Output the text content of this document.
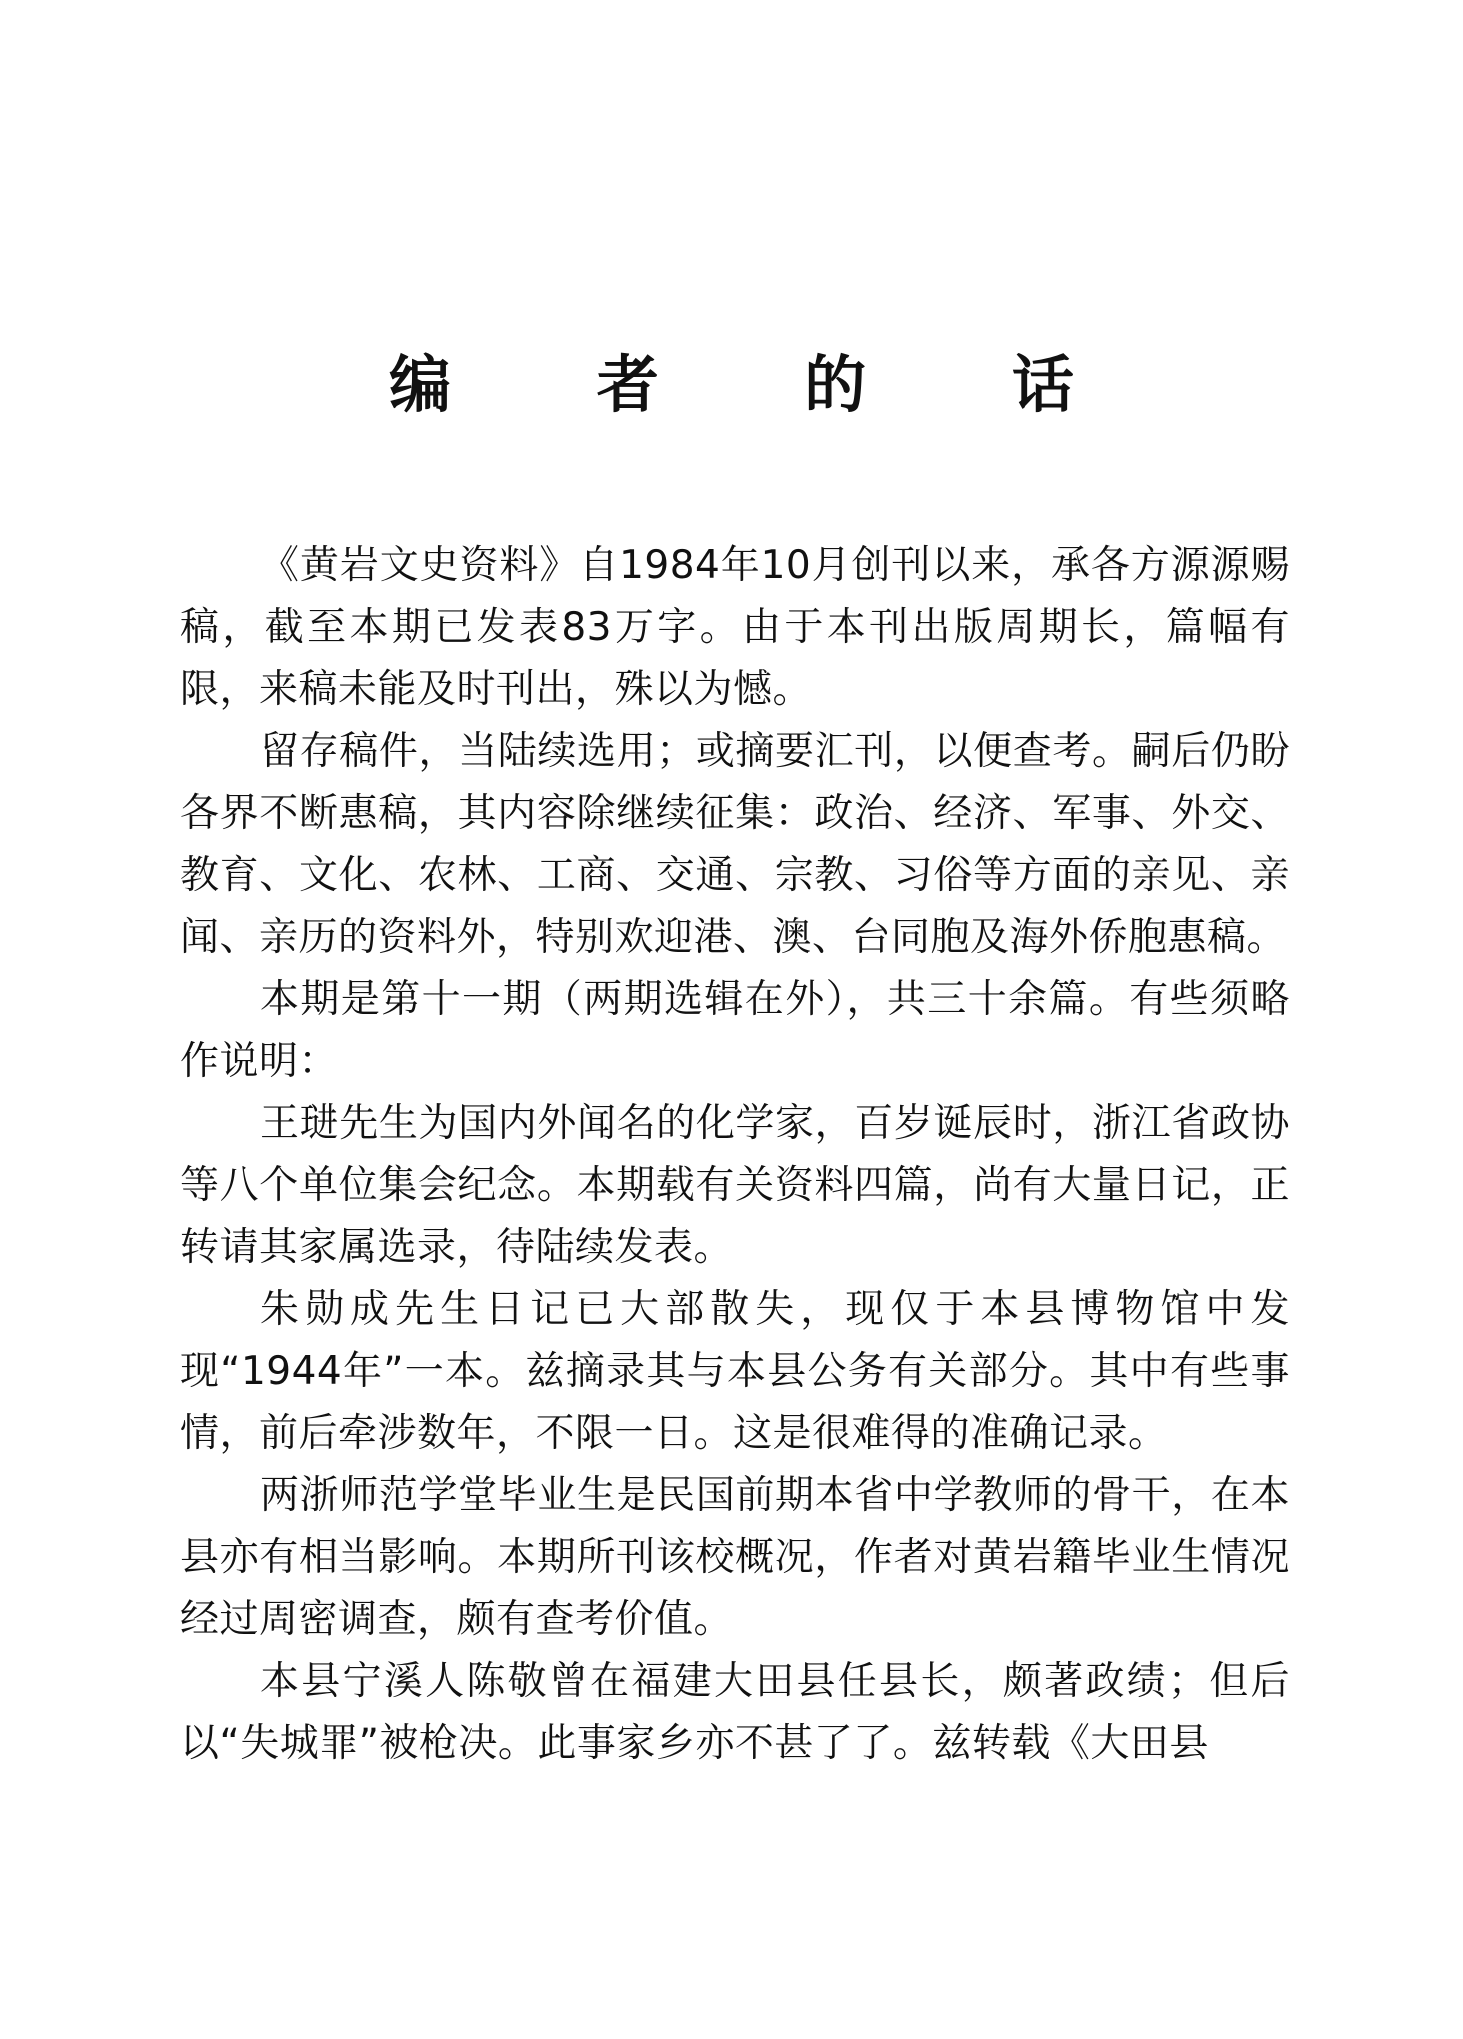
编 者 的 话

《黄岩文史资料》自1984年10月创刊以来，承各方源源赐稿，截至本期已发表83万字。由于本刊出版周期长，篇幅有限，来稿未能及时刊出，殊以为憾。

留存稿件，当陆续选用；或摘要汇刊，以便查考。嗣后仍盼各界不断惠稿，其内容除继续征集：政治、经济、军事、外交、教育、文化、农林、工商、交通、宗教、习俗等方面的亲见、亲闻、亲历的资料外，特别欢迎港、澳、台同胞及海外侨胞惠稿。

本期是第十一期（两期选辑在外），共三十余篇。有些须略作说明：

王琎先生为国内外闻名的化学家，百岁诞辰时，浙江省政协等八个单位集会纪念。本期载有关资料四篇，尚有大量日记，正转请其家属选录，待陆续发表。

朱勋成先生日记已大部散失，现仅于本县博物馆中发现“1944年”一本。兹摘录其与本县公务有关部分。其中有些事情，前后牵涉数年，不限一日。这是很难得的准确记录。

两浙师范学堂毕业生是民国前期本省中学教师的骨干，在本县亦有相当影响。本期所刊该校概况，作者对黄岩籍毕业生情况经过周密调查，颇有查考价值。

本县宁溪人陈敬曾在福建大田县任县长，颇著政绩；但后以“失城罪”被枪决。此事家乡亦不甚了了。兹转载《大田县
